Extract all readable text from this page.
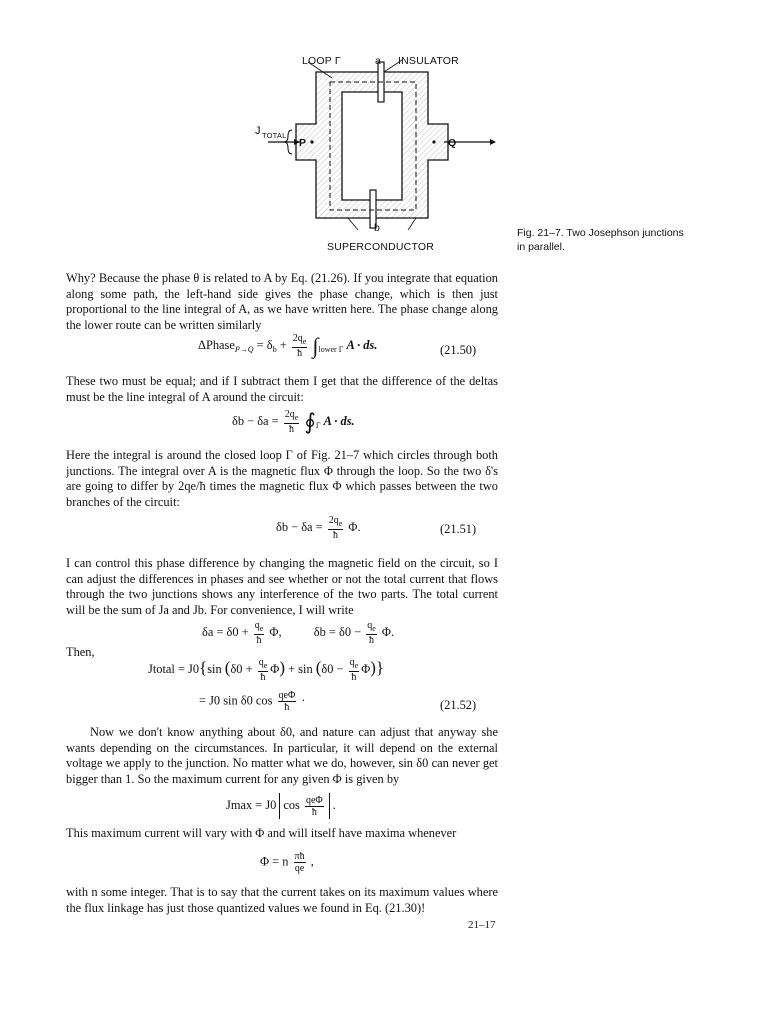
LOOP Γ	a INSULATOR
J TOTAL
P	Q
b
SUPERCONDUCTOR
Fig. 21–7. Two Josephson junctions
in parallel.
Why? Because the phase θ is related to A by Eq. (21.26). If you integrate that equation along some path, the left-hand side gives the phase change, which is then just proportional to the line integral of A, as we have written here. The phase change along the lower route can be written similarly
ΔPhase$_{P\to Q}$ = $\delta_b + \frac{2q_e}{ħ} \int_{lower \Gamma}$ A · ds.	(21.50)
These two must be equal; and if I subtract them I get that the difference of the deltas must be the line integral of A around the circuit:
$\delta b - \delta a = \frac{2q_e}{ħ}$ $∮_\Gamma$ A · ds.
Here the integral is around the closed loop Γ of Fig. 21–7 which circles through both junctions. The integral over A is the magnetic flux Φ through the loop. So the two δ's are going to differ by 2qe/ħ times the magnetic flux Φ which passes between the two branches of the circuit:
$\delta b - \delta a = \frac{2q_e}{ħ} \Phi$.	(21.51)
I can control this phase difference by changing the magnetic field on the circuit, so I can adjust the differences in phases and see whether or not the total current that flows through the two junctions shows any interference of the two parts. The total current will be the sum of Ja and Jb. For convenience, I will write
$\delta a = \delta 0 + \frac{q_e}{ħ} \Phi$,	$\delta b = \delta 0 - \frac{q_e}{ħ} \Phi$.
Then,
Jtotal = J0{sin $(\delta 0 + \frac{q_e}{ħ} \Phi) + \sin (\delta 0 - \frac{q_e}{ħ} \Phi)$}
= J0 sin δ0 $\cos \frac{\text{qeΦ}}{ħ}$ ·	(21.52)
Now we don't know anything about δ0, and nature can adjust that anyway she wants depending on the circumstances. In particular, it will depend on the external voltage we apply to the junction. No matter what we do, however, sin δ0 can never get bigger than 1. So the maximum current for any given Φ is given by
Jmax = J0 $\cos \frac{\text{qeΦ}}{ħ}$ .
This maximum current will vary with Φ and will itself have maxima whenever
Φ = n $\frac{\pi ħ}{qe}$ ,
with n some integer. That is to say that the current takes on its maximum values where the flux linkage has just those quantized values we found in Eq. (21.30)!
21–17
